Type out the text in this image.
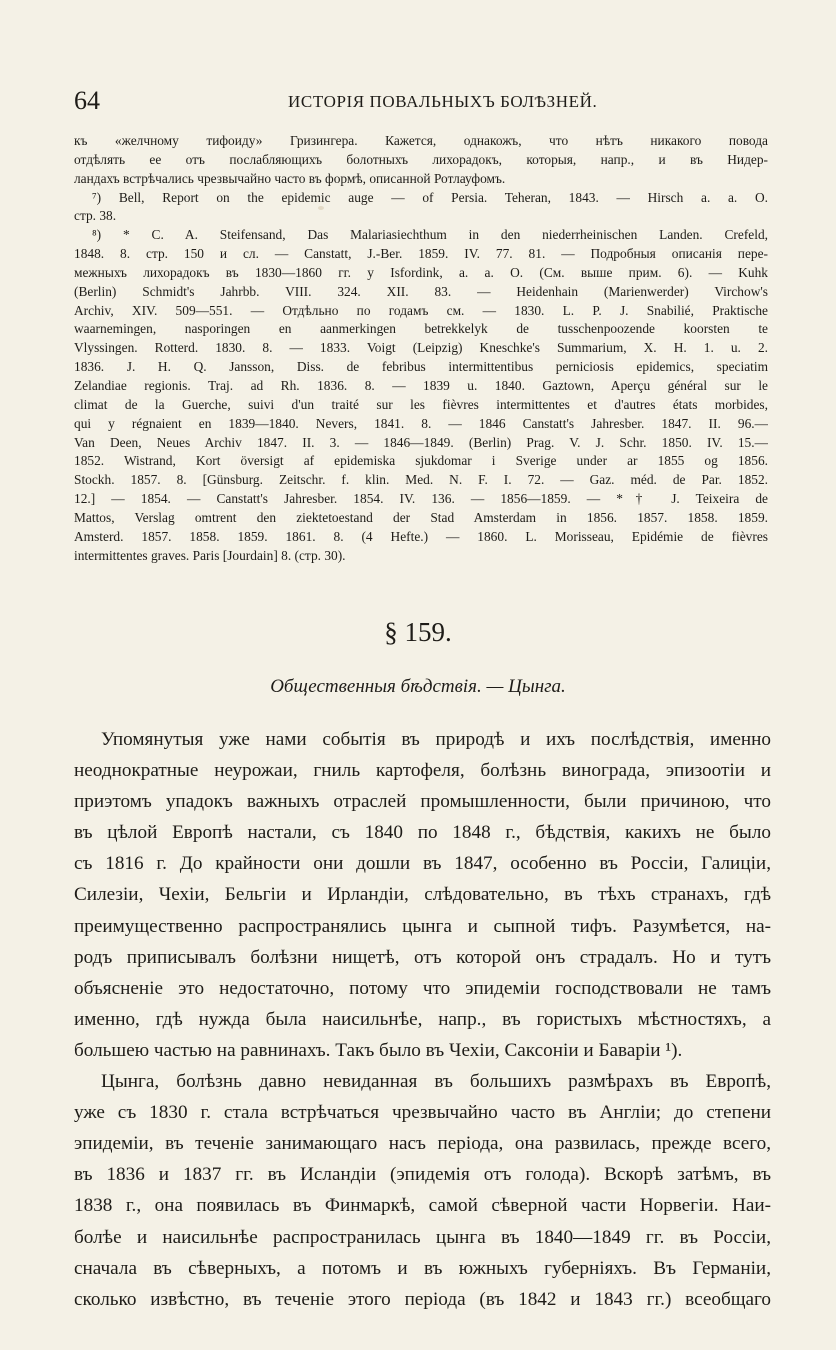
64	ИСТОРІЯ ПОВАЛЬНЫХЪ БОЛѢЗНЕЙ.
къ «желчному тифоиду» Гризингера. Кажется, однакожъ, что нѣтъ никакого повода
отдѣлять ее отъ послабляющихъ болотныхъ лихорадокъ, которыя, напр., и въ Нидер-
ландахъ встрѣчались чрезвычайно часто въ формѣ, описанной Ротлауфомъ.
⁷) Bell, Report on the epidemic auge — of Persia. Teheran, 1843. — Hirsch a. a. O.
стр. 38.
⁸) * C. A. Steifensand, Das Malariasiechthum in den niederrheinischen Landen. Crefeld,
1848. 8. стр. 150 и сл. — Canstatt, J.-Ber. 1859. IV. 77. 81. — Подробныя описанія пере-
межныхъ лихорадокъ въ 1830—1860 гг. у Isfordink, a. a. O. (См. выше прим. 6). — Kuhk
(Berlin) Schmidt's Jahrbb. VIII. 324. XII. 83. — Heidenhain (Marienwerder) Virchow's
Archiv, XIV. 509—551. — Отдѣльно по годамъ см. — 1830. L. P. J. Snabilié, Praktische
waarnemingen, nasporingen en aanmerkingen betrekkelyk de tusschenpoozende koorsten te
Vlyssingen. Rotterd. 1830. 8. — 1833. Voigt (Leipzig) Kneschke's Summarium, X. H. 1. u. 2.
1836. J. H. Q. Jansson, Diss. de febribus intermittentibus perniciosis epidemics, speciatim
Zelandiae regionis. Traj. ad Rh. 1836. 8. — 1839 u. 1840. Gaztown, Aperçu général sur le
climat de la Guerche, suivi d'un traité sur les fièvres intermittentes et d'autres états morbides,
qui y régnaient en 1839—1840. Nevers, 1841. 8. — 1846 Canstatt's Jahresber. 1847. II. 96.—
Van Deen, Neues Archiv 1847. II. 3. — 1846—1849. (Berlin) Prag. V. J. Schr. 1850. IV. 15.—
1852. Wistrand, Kort översigt af epidemiska sjukdomar i Sverige under ar 1855 og 1856.
Stockh. 1857. 8. [Günsburg. Zeitschr. f. klin. Med. N. F. I. 72. — Gaz. méd. de Par. 1852.
12.] — 1854. — Canstatt's Jahresber. 1854. IV. 136. — 1856—1859. — *† J. Teixeira de
Mattos, Verslag omtrent den ziektetoestand der Stad Amsterdam in 1856. 1857. 1858. 1859.
Amsterd. 1857. 1858. 1859. 1861. 8. (4 Hefte.) — 1860. L. Morisseau, Epidémie de fièvres
intermittentes graves. Paris [Jourdain] 8. (стр. 30).
§ 159.
Общественныя бѣдствія. — Цынга.
Упомянутыя уже нами событія въ природѣ и ихъ послѣдствія, именно
неоднократные неурожаи, гниль картофеля, болѣзнь винограда, эпизоотіи и
приэтомъ упадокъ важныхъ отраслей промышленности, были причиною, что
въ цѣлой Европѣ настали, съ 1840 по 1848 г., бѣдствія, какихъ не было
съ 1816 г. До крайности они дошли въ 1847, особенно въ Россіи, Галиціи,
Силезіи, Чехіи, Бельгіи и Ирландіи, слѣдовательно, въ тѣхъ странахъ, гдѣ
преимущественно распространялись цынга и сыпной тифъ. Разумѣется, на-
родъ приписывалъ болѣзни нищетѣ, отъ которой онъ страдалъ. Но и тутъ
объясненіе это недостаточно, потому что эпидеміи господствовали не тамъ
именно, гдѣ нужда была наисильнѣе, напр., въ гористыхъ мѣстностяхъ, а
большею частью на равнинахъ. Такъ было въ Чехіи, Саксоніи и Баваріи ¹).
Цынга, болѣзнь давно невиданная въ большихъ размѣрахъ въ Европѣ,
уже съ 1830 г. стала встрѣчаться чрезвычайно часто въ Англіи; до степени
эпидеміи, въ теченіе занимающаго насъ періода, она развилась, прежде всего,
въ 1836 и 1837 гг. въ Исландіи (эпидемія отъ голода). Вскорѣ затѣмъ, въ
1838 г., она появилась въ Финмаркѣ, самой сѣверной части Норвегіи. Наи-
болѣе и наисильнѣе распространилась цынга въ 1840—1849 гг. въ Россіи,
сначала въ сѣверныхъ, а потомъ и въ южныхъ губерніяхъ. Въ Германіи,
сколько извѣстно, въ теченіе этого періода (въ 1842 и 1843 гг.) всеобщаго
